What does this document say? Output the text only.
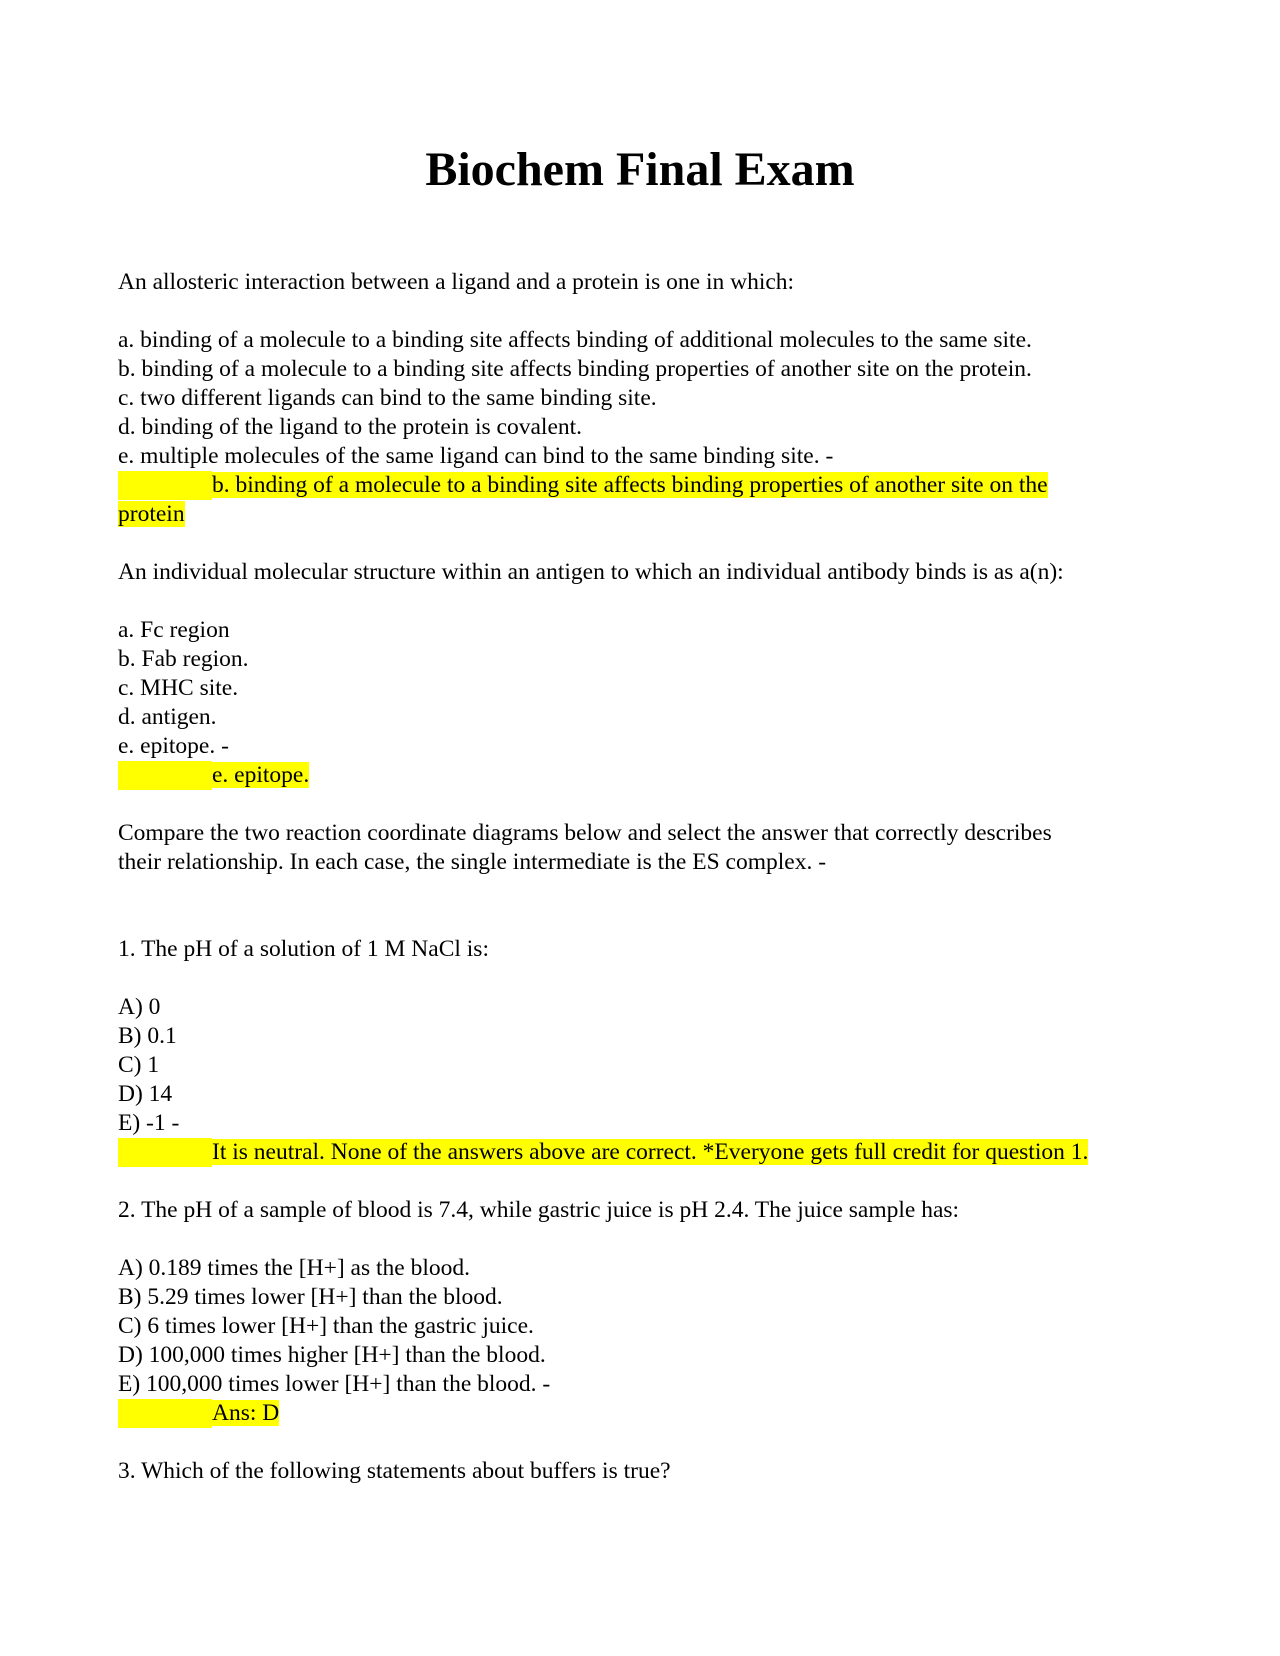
Biochem Final Exam
An allosteric interaction between a ligand and a protein is one in which:
a. binding of a molecule to a binding site affects binding of additional molecules to the same site.
b. binding of a molecule to a binding site affects binding properties of another site on the protein.
c. two different ligands can bind to the same binding site.
d. binding of the ligand to the protein is covalent.
e. multiple molecules of the same ligand can bind to the same binding site. -
b. binding of a molecule to a binding site affects binding properties of another site on the
protein
An individual molecular structure within an antigen to which an individual antibody binds is as a(n):
a. Fc region
b. Fab region.
c. MHC site.
d. antigen.
e. epitope. -
e. epitope.
Compare the two reaction coordinate diagrams below and select the answer that correctly describes
their relationship. In each case, the single intermediate is the ES complex. -
1. The pH of a solution of 1 M NaCl is:
A) 0
B) 0.1
C) 1
D) 14
E) -1 -
It is neutral. None of the answers above are correct. *Everyone gets full credit for question 1.
2. The pH of a sample of blood is 7.4, while gastric juice is pH 2.4. The juice sample has:
A) 0.189 times the [H+] as the blood.
B) 5.29 times lower [H+] than the blood.
C) 6 times lower [H+] than the gastric juice.
D) 100,000 times higher [H+] than the blood.
E) 100,000 times lower [H+] than the blood. -
Ans: D
3. Which of the following statements about buffers is true?
